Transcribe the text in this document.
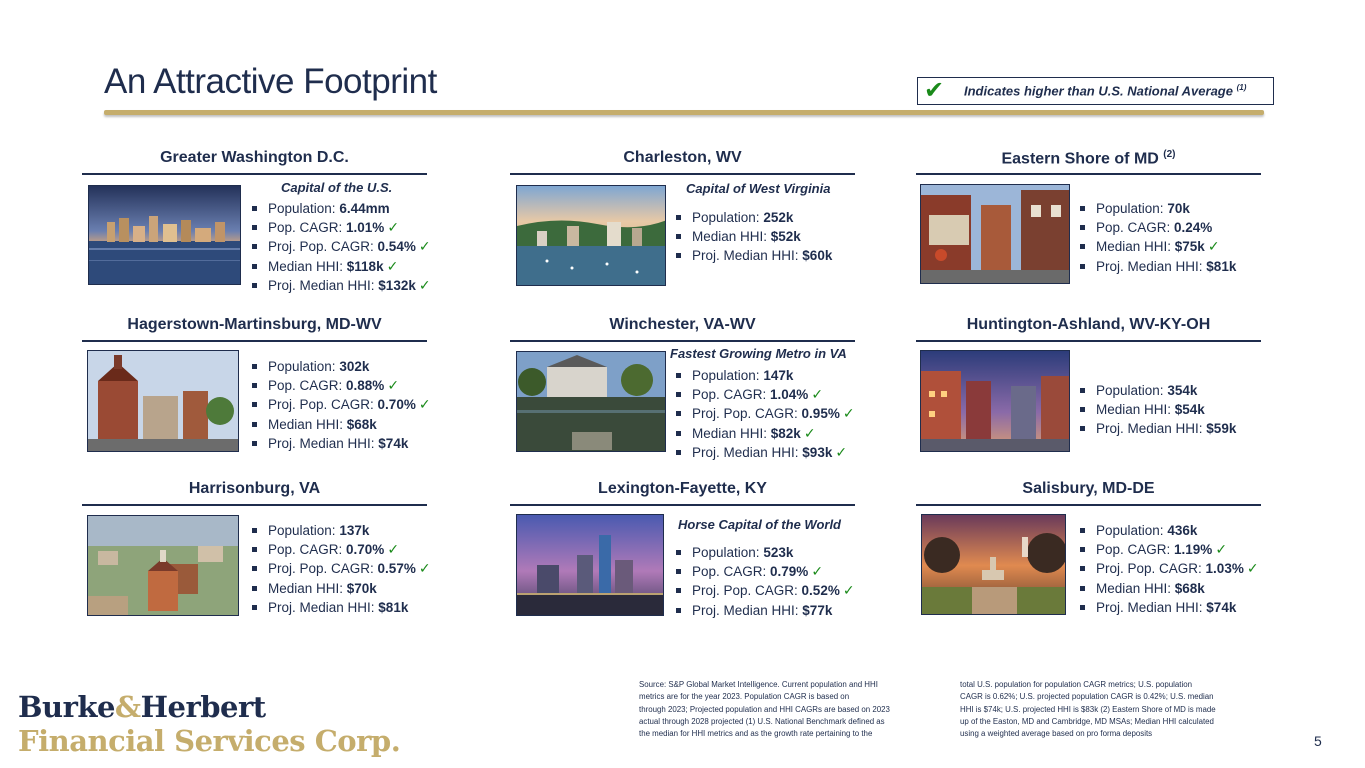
An Attractive Footprint	✔	Indicates higher than U.S. National Average $^{(1)}$
Greater Washington D.C.
Capital of the U.S.
Population: 6.44mm
Pop. CAGR: 1.01% ✓
Proj. Pop. CAGR: 0.54% ✓
Median HHI: $118k ✓
Proj. Median HHI: $132k ✓
Charleston, WV
Capital of West Virginia
Population: 252k
Median HHI: $52k
Proj. Median HHI: $60k
Eastern Shore of MD $^{(2)}$
Population: 70k
Pop. CAGR: 0.24%
Median HHI: $75k ✓
Proj. Median HHI: $81k
Hagerstown-Martinsburg, MD-WV
Population: 302k
Pop. CAGR: 0.88% ✓
Proj. Pop. CAGR: 0.70% ✓
Median HHI: $68k
Proj. Median HHI: $74k
Winchester, VA-WV
Fastest Growing Metro in VA
Population: 147k
Pop. CAGR: 1.04% ✓
Proj. Pop. CAGR: 0.95% ✓
Median HHI: $82k ✓
Proj. Median HHI: $93k ✓
Huntington-Ashland, WV-KY-OH
Population: 354k
Median HHI: $54k
Proj. Median HHI: $59k
Harrisonburg, VA
Population: 137k
Pop. CAGR: 0.70% ✓
Proj. Pop. CAGR: 0.57% ✓
Median HHI: $70k
Proj. Median HHI: $81k
Lexington-Fayette, KY
Horse Capital of the World
Population: 523k
Pop. CAGR: 0.79% ✓
Proj. Pop. CAGR: 0.52% ✓
Proj. Median HHI: $77k
Salisbury, MD-DE
Population: 436k
Pop. CAGR: 1.19% ✓
Proj. Pop. CAGR: 1.03% ✓
Median HHI: $68k
Proj. Median HHI: $74k
Burke&Herbert
Financial Services Corp.
Source: S&P Global Market Intelligence. Current population and HHI
metrics are for the year 2023. Population CAGR is based on
through 2023; Projected population and HHI CAGRs are based on 2023
actual through 2028 projected (1) U.S. National Benchmark defined as
the median for HHI metrics and as the growth rate pertaining to the
total U.S. population for population CAGR metrics; U.S. population
CAGR is 0.62%; U.S. projected population CAGR is 0.42%; U.S. median
HHI is $74k; U.S. projected HHI is $83k (2) Eastern Shore of MD is made
up of the Easton, MD and Cambridge, MD MSAs; Median HHI calculated
using a weighted average based on pro forma deposits	5
